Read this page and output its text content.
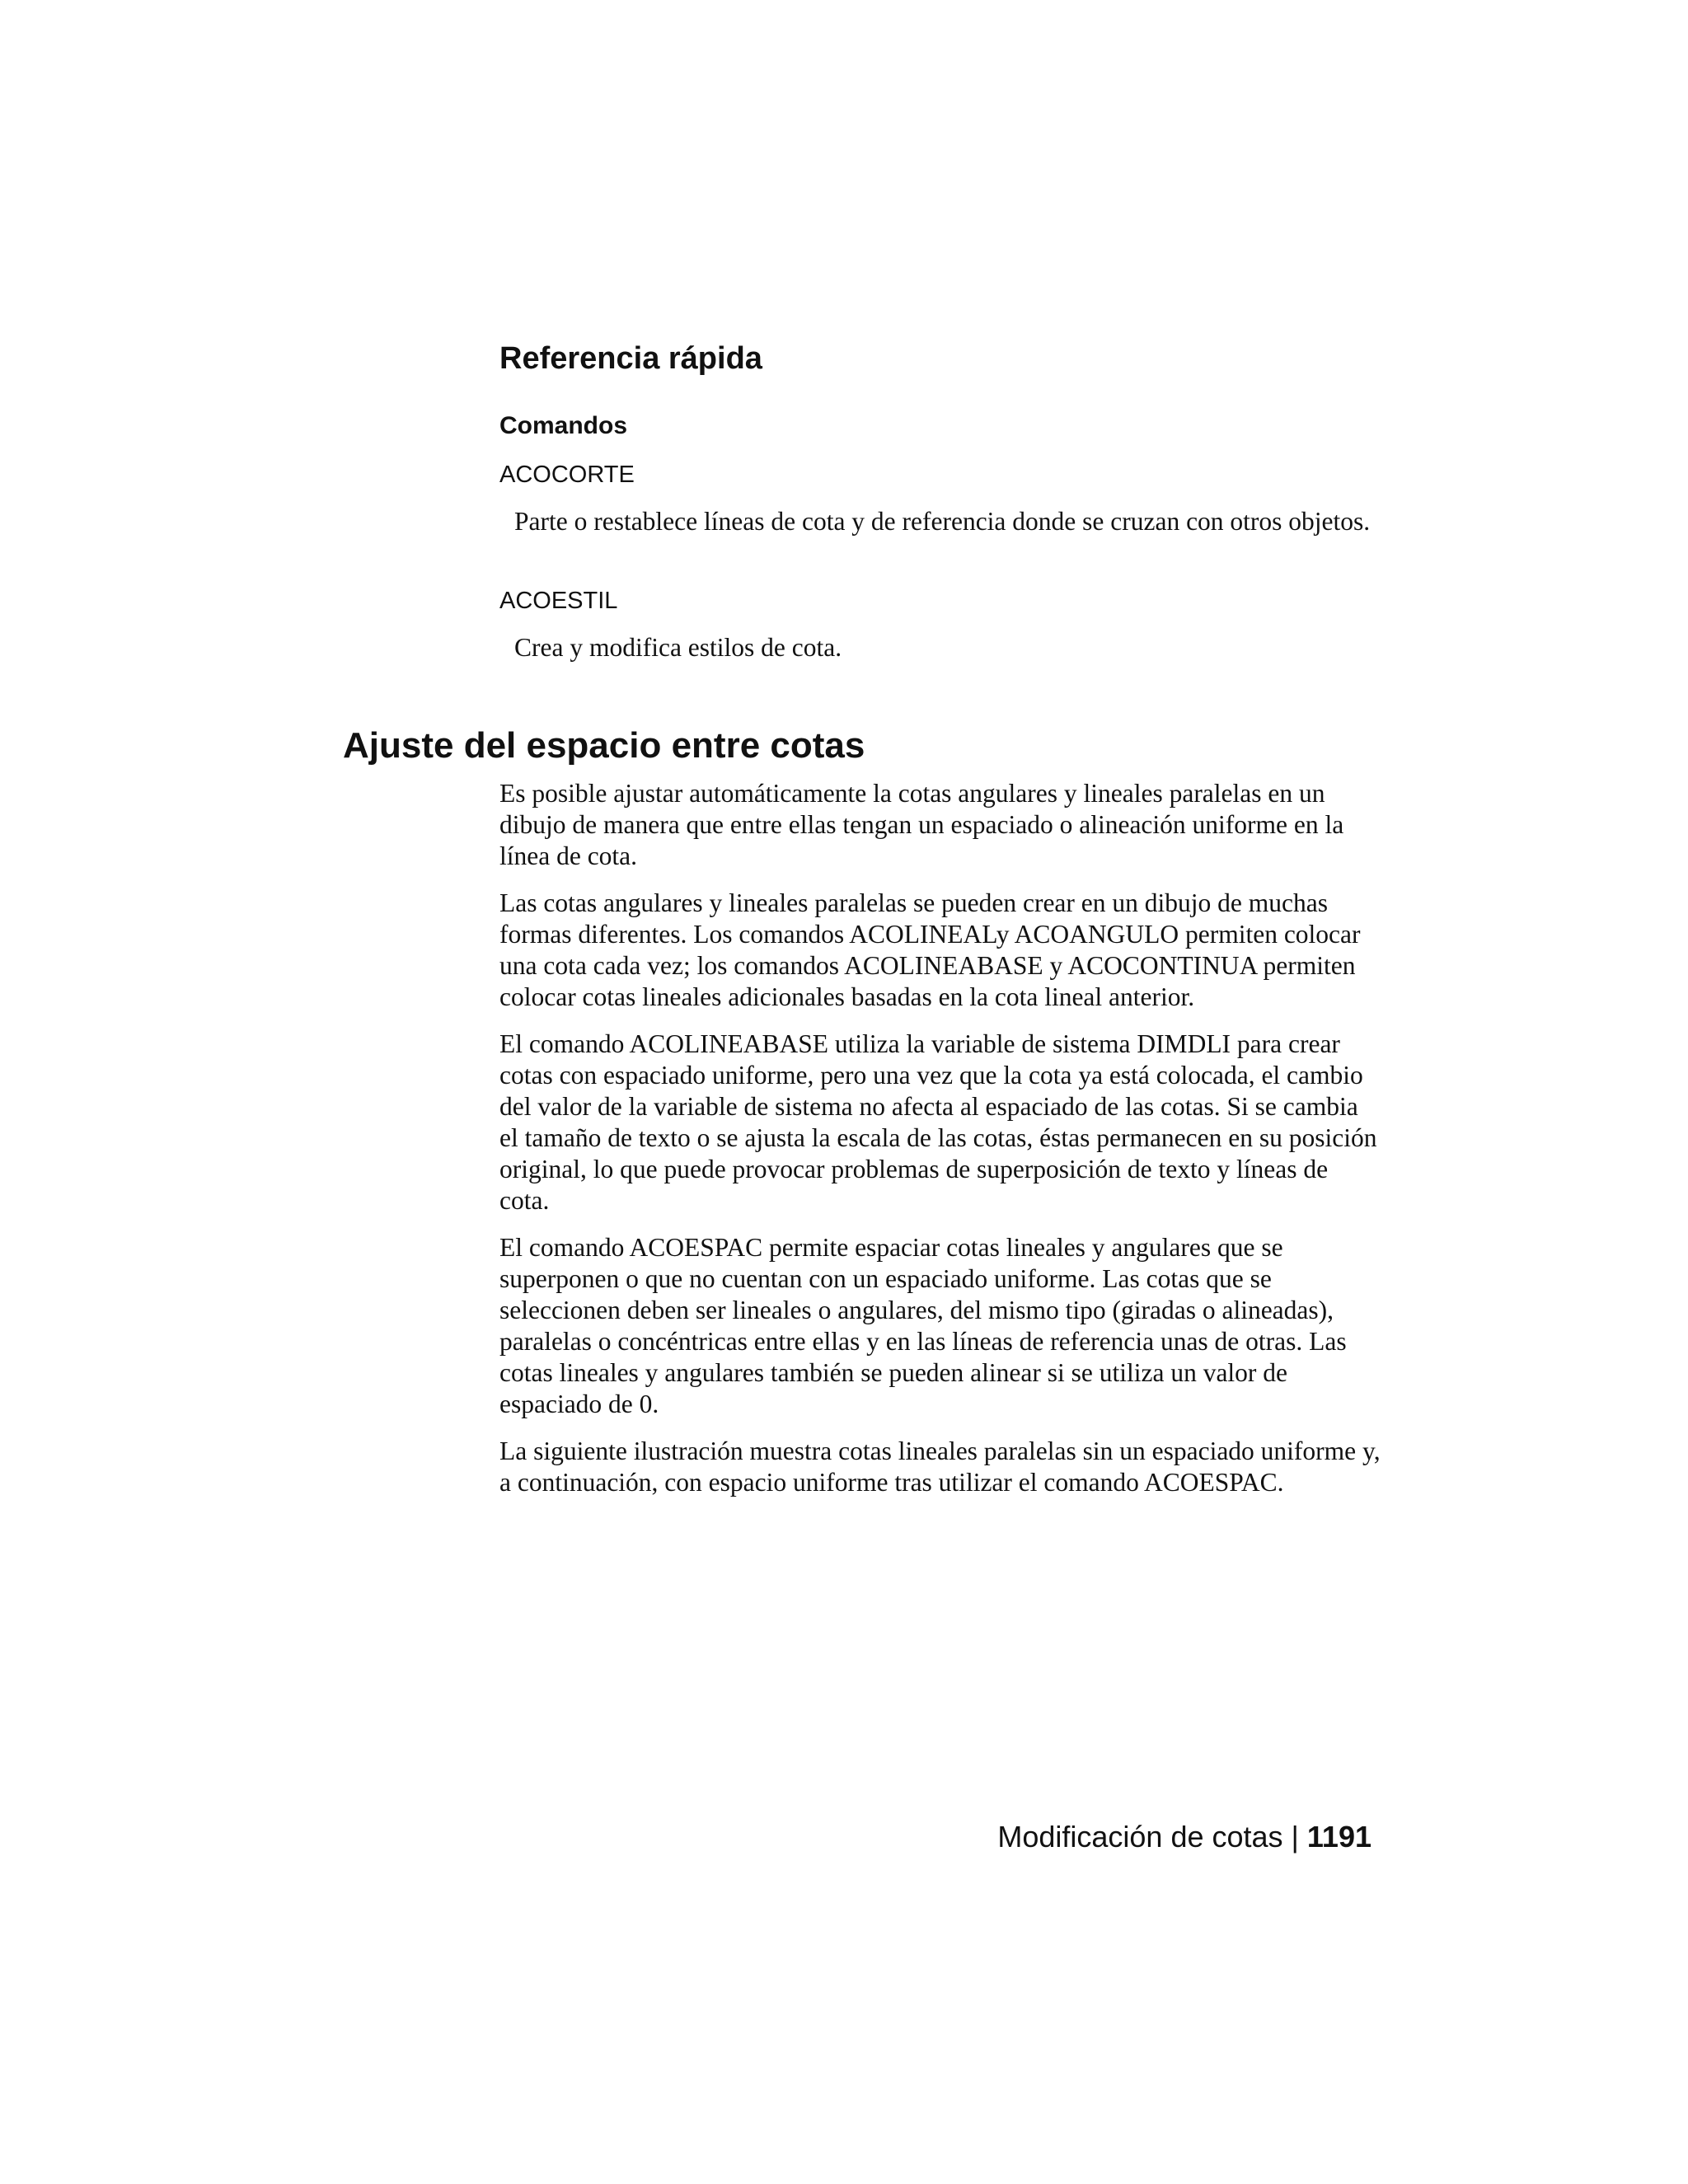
Referencia rápida
Comandos
ACOCORTE

Parte o restablece líneas de cota y de referencia donde se cruzan con otros objetos.

ACOESTIL

Crea y modifica estilos de cota.

Ajuste del espacio entre cotas

Es posible ajustar automáticamente la cotas angulares y lineales paralelas en un dibujo de manera que entre ellas tengan un espaciado o alineación uniforme en la línea de cota.

Las cotas angulares y lineales paralelas se pueden crear en un dibujo de muchas formas diferentes. Los comandos ACOLINEALy ACOANGULO permiten colocar una cota cada vez; los comandos ACOLINEABASE y ACOCONTINUA permiten colocar cotas lineales adicionales basadas en la cota lineal anterior.

El comando ACOLINEABASE utiliza la variable de sistema DIMDLI para crear cotas con espaciado uniforme, pero una vez que la cota ya está colocada, el cambio del valor de la variable de sistema no afecta al espaciado de las cotas. Si se cambia el tamaño de texto o se ajusta la escala de las cotas, éstas permanecen en su posición original, lo que puede provocar problemas de superposición de texto y líneas de cota.

El comando ACOESPAC permite espaciar cotas lineales y angulares que se superponen o que no cuentan con un espaciado uniforme. Las cotas que se seleccionen deben ser lineales o angulares, del mismo tipo (giradas o alineadas), paralelas o concéntricas entre ellas y en las líneas de referencia unas de otras. Las cotas lineales y angulares también se pueden alinear si se utiliza un valor de espaciado de 0.

La siguiente ilustración muestra cotas lineales paralelas sin un espaciado uniforme y, a continuación, con espacio uniforme tras utilizar el comando ACOESPAC.

Modificación de cotas | 1191
